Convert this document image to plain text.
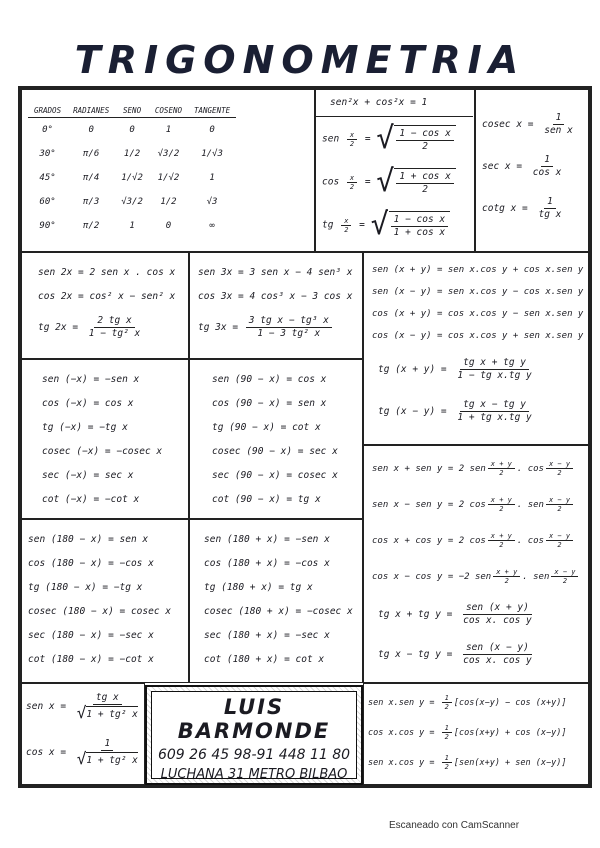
TRIGONOMETRIA
GRADOS	RADIANES	SENO	COSENO	TANGENTE
0°	0	0	1	0
30°	π/6	1/2	√3/2	1/√3
45°	π/4	1/√2	1/√2	1
60°	π/3	√3/2	1/2	√3
90°	π/2	1	0	∞
sen²x + cos²x = 1
sen $\frac{x}{2}$ = √ $\frac{\text{1 − cos x}}{2}$
$\cos \frac{x}{2}$ = √ $\frac{\text{1 + cos x}}{2}$
tg $\frac{x}{2}$ = √ $\frac{\text{1 − cos x}}{\text{1 + cos x}}$
cosec $x = \frac{1}{\text{sen x}}$
$\sec x = \frac{1}{\text{cos x}}$
cotg $x = \frac{1}{\text{tg x}}$
sen 2x = 2 sen x . cos x
cos 2x = cos² x − sen² x
tg $2x = \frac{\text{2 tg x}}{\text{1 − tg² x}}$
sen 3x = 3 sen x − 4 sen³ x
cos 3x = 4 cos³ x − 3 cos x
tg $3x = \frac{\text{3 tg x − tg³ x}}{\text{1 − 3 tg² x}}$
sen (x + y) = sen x.cos y + cos x.sen y
sen (x − y) = sen x.cos y − cos x.sen y
cos (x + y) = cos x.cos y − sen x.sen y
cos (x − y) = cos x.cos y + sen x.sen y
tg $(x + y) = \frac{\text{tg x + tg y}}{\text{1 − tg x.tg y}}$
tg $(x - y) = \frac{\text{tg x − tg y}}{\text{1 + tg x.tg y}}$
sen (−x) = −sen x
cos (−x) = cos x
tg (−x) = −tg x
cosec (−x) = −cosec x
sec (−x) = sec x
cot (−x) = −cot x
sen (90 − x) = cos x
cos (90 − x) = sen x
tg (90 − x) = cot x
cosec (90 − x) = sec x
sec (90 − x) = cosec x
cot (90 − x) = tg x
sen x + sen y = 2 sen $\frac{x + y}{2}$ . $\cos \frac{x - y}{2}$
sen x − sen y = 2 $\cos \frac{x + y}{2}$ . sen $\frac{x - y}{2}$
cos x + cos y = 2 $\cos \frac{x + y}{2}$ . $\cos \frac{x - y}{2}$
cos x − cos y = −2 sen $\frac{x + y}{2}$ . sen $\frac{x - y}{2}$
tg x + tg $y = \frac{\text{sen (x + y)}}{\text{cos x. cos y}}$
tg x − tg $y = \frac{\text{sen (x − y)}}{\text{cos x. cos y}}$
sen (180 − x) = sen x
cos (180 − x) = −cos x
tg (180 − x) = −tg x
cosec (180 − x) = cosec x
sec (180 − x) = −sec x
cot (180 − x) = −cot x
sen (180 + x) = −sen x
cos (180 + x) = −cos x
tg (180 + x) = tg x
cosec (180 + x) = −cosec x
sec (180 + x) = −sec x
cot (180 + x) = cot x
sen $x = \frac{\text{tg x}}{\text{√ 1 + tg² x}}$
$\cos x = \frac{1}{\text{√ 1 + tg² x}}$
sen x.sen $y = \frac{1}{2} [\cos(x-y) - \cos (x+y)]$
cos x.cos $y = \frac{1}{2} [\cos(x+y) + \cos (x-y)]$
sen x.cos $y = \frac{1}{2} [sen(x+y)$ + sen (x−y)]
LUIS BARMONDE
609 26 45 98-91 448 11 80
LUCHANA 31 METRO BILBAO
Escaneado con CamScanner
